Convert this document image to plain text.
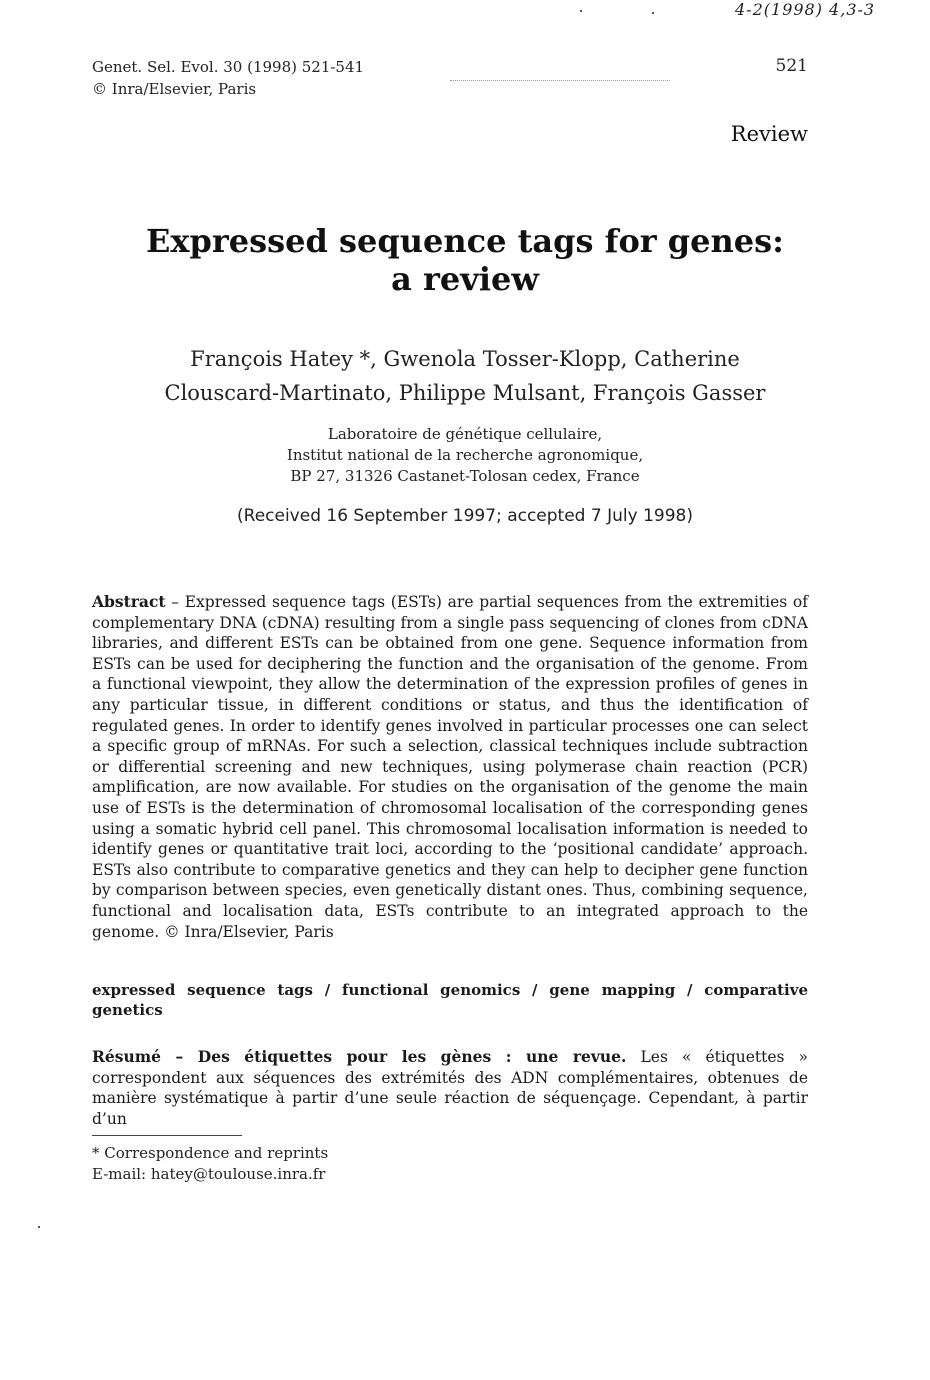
4-2(1998) 4,3-3
Genet. Sel. Evol. 30 (1998) 521-541
© Inra/Elsevier, Paris
521
Review
Expressed sequence tags for genes:
a review
François Hatey *, Gwenola Tosser-Klopp, Catherine
Clouscard-Martinato, Philippe Mulsant, François Gasser
Laboratoire de génétique cellulaire,
Institut national de la recherche agronomique,
BP 27, 31326 Castanet-Tolosan cedex, France
(Received 16 September 1997; accepted 7 July 1998)
Abstract – Expressed sequence tags (ESTs) are partial sequences from the extremities of complementary DNA (cDNA) resulting from a single pass sequencing of clones from cDNA libraries, and different ESTs can be obtained from one gene. Sequence information from ESTs can be used for deciphering the function and the organisation of the genome. From a functional viewpoint, they allow the determination of the expression profiles of genes in any particular tissue, in different conditions or status, and thus the identification of regulated genes. In order to identify genes involved in particular processes one can select a specific group of mRNAs. For such a selection, classical techniques include subtraction or differential screening and new techniques, using polymerase chain reaction (PCR) amplification, are now available. For studies on the organisation of the genome the main use of ESTs is the determination of chromosomal localisation of the corresponding genes using a somatic hybrid cell panel. This chromosomal localisation information is needed to identify genes or quantitative trait loci, according to the ‘positional candidate’ approach. ESTs also contribute to comparative genetics and they can help to decipher gene function by comparison between species, even genetically distant ones. Thus, combining sequence, functional and localisation data, ESTs contribute to an integrated approach to the genome. © Inra/Elsevier, Paris
expressed sequence tags / functional genomics / gene mapping / comparative genetics
Résumé – Des étiquettes pour les gènes : une revue. Les « étiquettes » correspondent aux séquences des extrémités des ADN complémentaires, obtenues de manière systématique à partir d’une seule réaction de séquençage. Cependant, à partir d’un
* Correspondence and reprints
E-mail: hatey@toulouse.inra.fr
